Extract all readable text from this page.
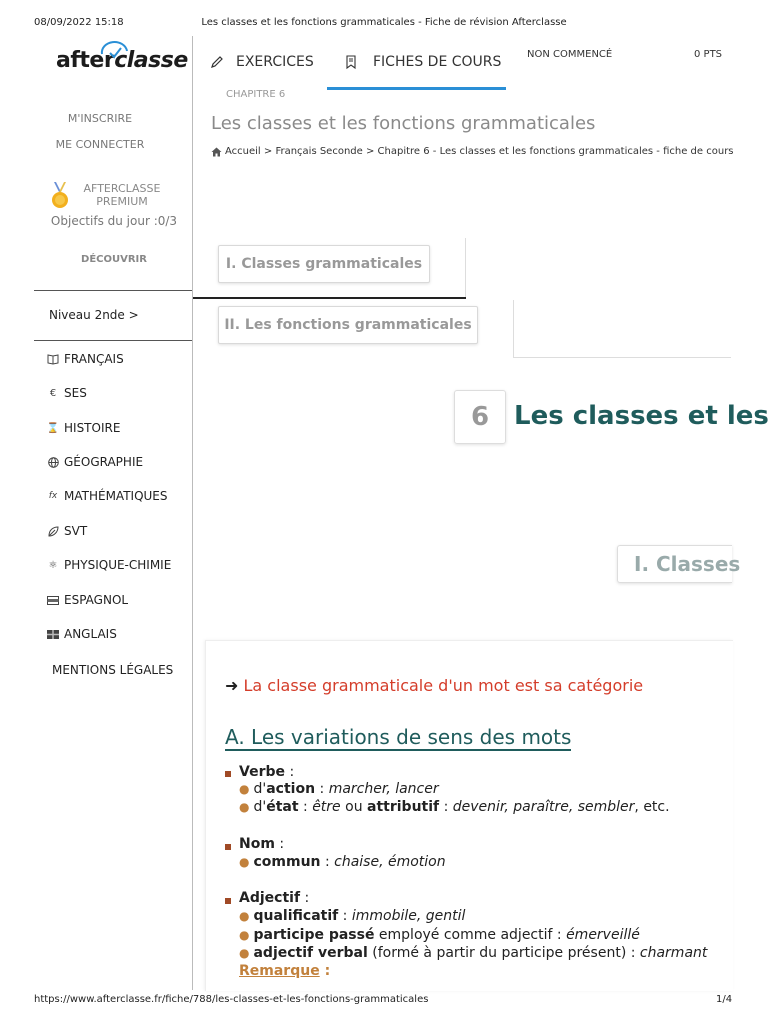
08/09/2022 15:18	Les classes et les fonctions grammaticales - Fiche de révision Afterclasse
afterclasse
M'INSCRIRE
ME CONNECTER
AFTERCLASSE
PREMIUM
Objectifs du jour :0/3
DÉCOUVRIR
Niveau 2nde >
FRANÇAIS
€ SES
⌛ HISTOIRE
GÉOGRAPHIE
fx MATHÉMATIQUES
SVT
⚛ PHYSIQUE-CHIMIE
ESPAGNOL
ANGLAIS
MENTIONS LÉGALES
EXERCICES	FICHES DE COURS	NON COMMENCÉ	0 PTS
CHAPITRE 6
Les classes et les fonctions grammaticales
Accueil > Français Seconde > Chapitre 6 - Les classes et les fonctions grammaticales - fiche de cours
I. Classes grammaticales
II. Les fonctions grammaticales
6 Les classes et les
I. Classes
➜ La classe grammaticale d'un mot est sa catégorie
A. Les variations de sens des mots
Verbe :
● d'action : marcher, lancer
● d'état : être ou attributif : devenir, paraître, sembler, etc.
Nom :
● commun : chaise, émotion
Adjectif :
● qualificatif : immobile, gentil
● participe passé employé comme adjectif : émerveillé
● adjectif verbal (formé à partir du participe présent) : charmant
Remarque :
https://www.afterclasse.fr/fiche/788/les-classes-et-les-fonctions-grammaticales	1/4
